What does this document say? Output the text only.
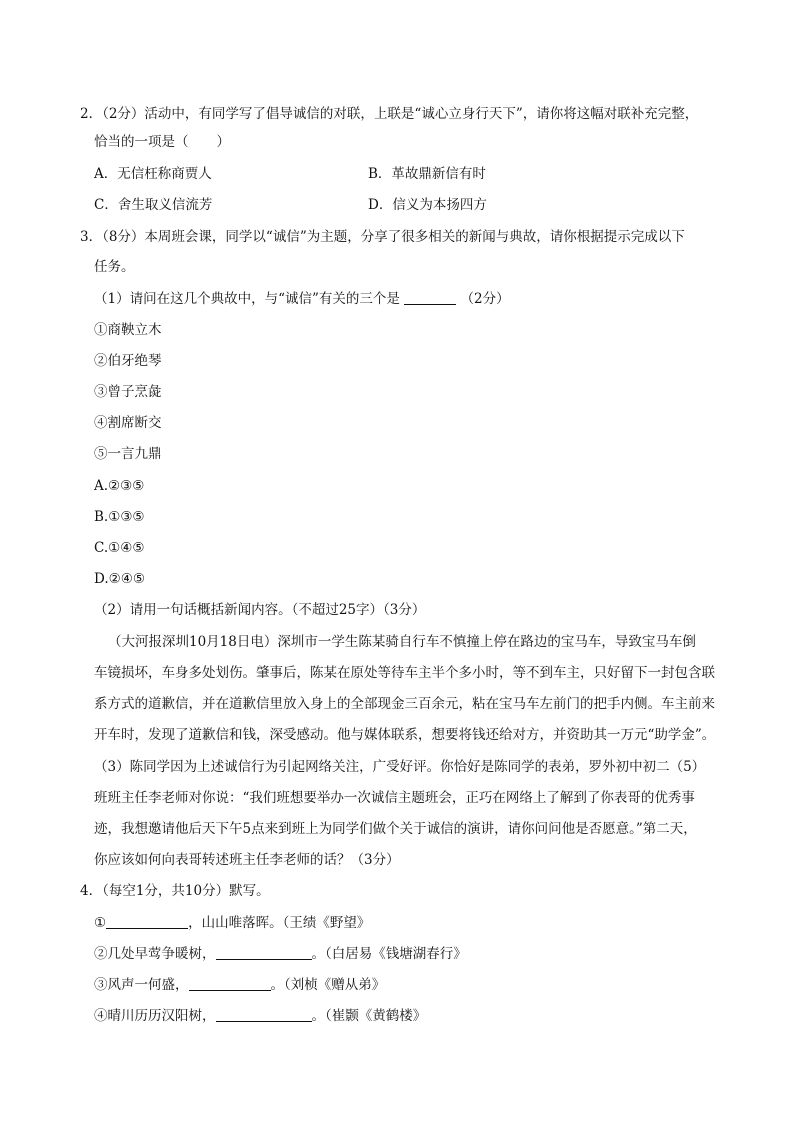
2．（2分）活动中，有同学写了倡导诚信的对联，上联是“诚心立身行天下”，请你将这幅对联补充完整，
恰当的一项是（ ）
A．无信枉称商贾人	B．革故鼎新信有时
C．舍生取义信流芳	D．信义为本扬四方
3．（8分）本周班会课，同学以“诚信”为主题，分享了很多相关的新闻与典故，请你根据提示完成以下
任务。
（1）请问在这几个典故中，与“诚信”有关的三个是	（2分）
①商鞅立木
②伯牙绝琴
③曾子烹彘
④割席断交
⑤一言九鼎
A.②③⑤
B.①③⑤
C.①④⑤
D.②④⑤
（2）请用一句话概括新闻内容。（不超过25字）（3分）
（大河报深圳10月18日电）深圳市一学生陈某骑自行车不慎撞上停在路边的宝马车，导致宝马车倒
车镜损坏，车身多处划伤。肇事后，陈某在原处等待车主半个多小时，等不到车主，只好留下一封包含联
系方式的道歉信，并在道歉信里放入身上的全部现金三百余元，粘在宝马车左前门的把手内侧。车主前来
开车时，发现了道歉信和钱，深受感动。他与媒体联系，想要将钱还给对方，并资助其一万元“助学金”。
（3）陈同学因为上述诚信行为引起网络关注，广受好评。你恰好是陈同学的表弟，罗外初中初二（5）
班班主任李老师对你说：“我们班想要举办一次诚信主题班会，正巧在网络上了解到了你表哥的优秀事
迹，我想邀请他后天下午5点来到班上为同学们做个关于诚信的演讲，请你问问他是否愿意。”第二天，
你应该如何向表哥转述班主任李老师的话？（3分）
4．（每空1分，共10分）默写。
①	，山山唯落晖。（王绩《野望》
②几处早莺争暖树，	。（白居易《钱塘湖春行》
③风声一何盛，	。（刘桢《赠从弟》
④晴川历历汉阳树，	。（崔颢《黄鹤楼》
